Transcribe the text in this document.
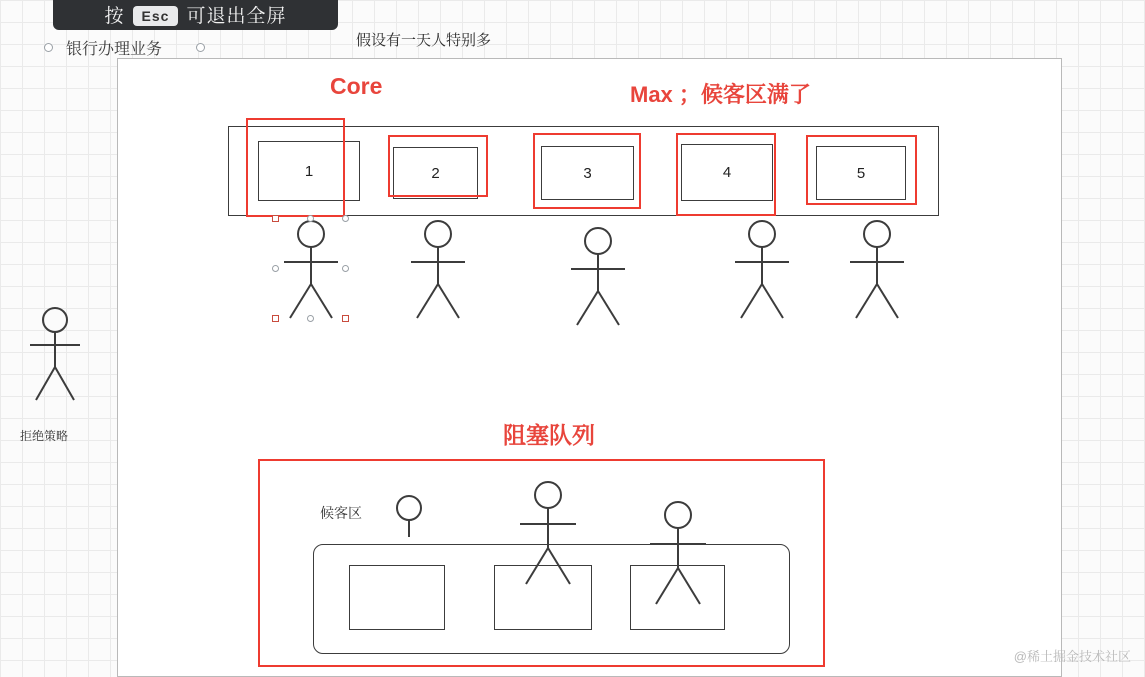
按	Esc 可退出全屏
银行办理业务
假设有一天人特别多
拒绝策略
Core	Max ；候客区满了
阻塞队列
候客区
1	2	3	4	5
@稀土掘金技术社区
